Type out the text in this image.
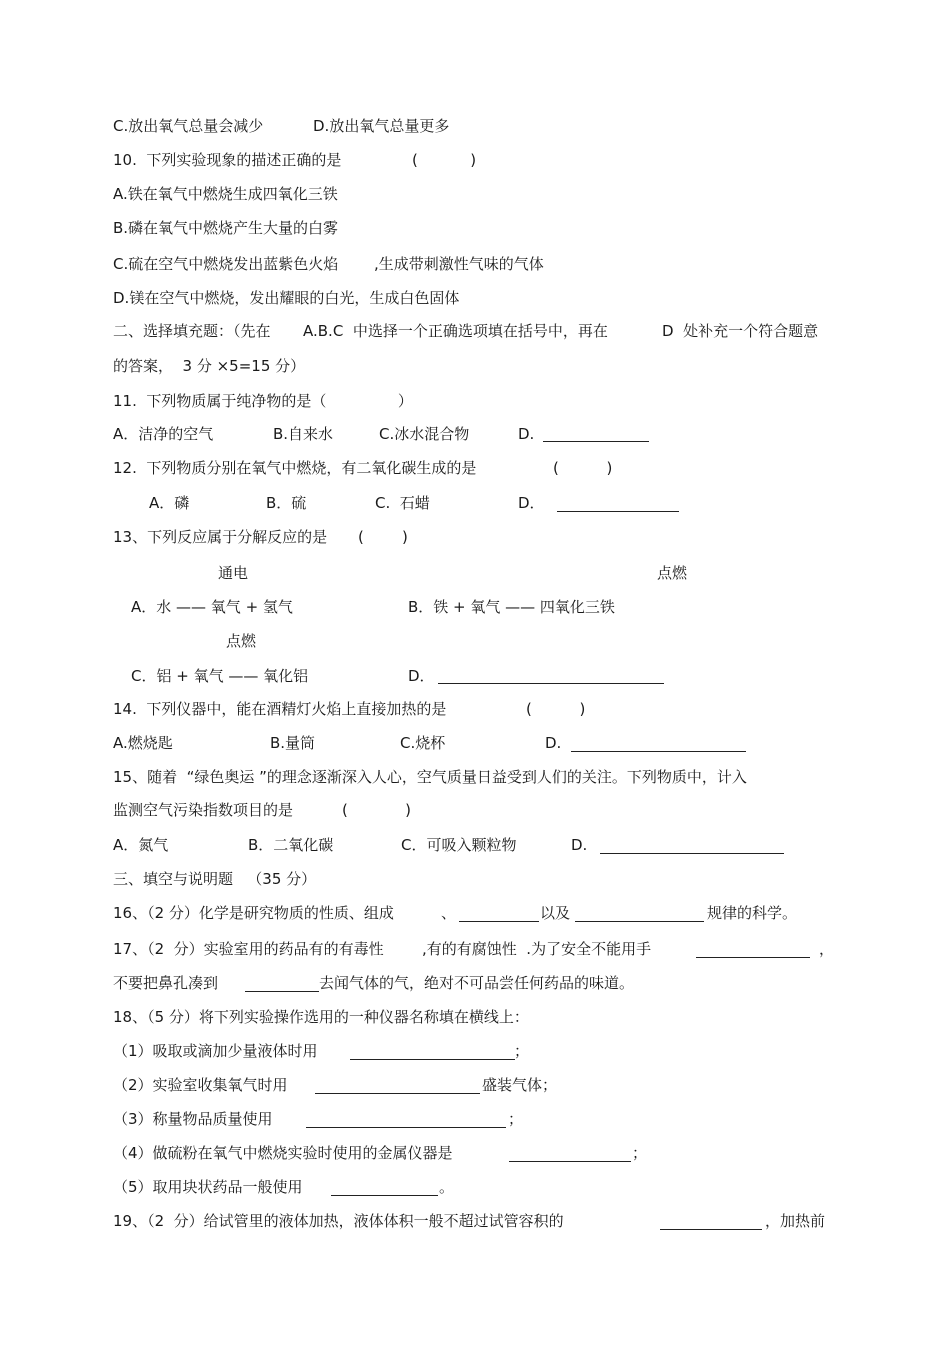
C.放出氧气总量会减少	D.放出氧气总量更多
10.  下列实验现象的描述正确的是	(           )
A.铁在氧气中燃烧生成四氧化三铁
B.磷在氧气中燃烧产生大量的白雾
C.硫在空气中燃烧发出蓝紫色火焰 ,生成带刺激性气味的气体
D.镁在空气中燃烧，发出耀眼的白光，生成白色固体
二、选择填充题：（先在 A.B.C  中选择一个正确选项填在括号中，再在	D  处补充一个符合题意
的答案，  3 分 ×5=15 分）
11.  下列物质属于纯净物的是（               ）
A．洁净的空气	B.自来水	C.冰水混合物	D.
12.  下列物质分别在氧气中燃烧，有二氧化碳生成的是	(          )
A．磷	B．硫	C.  石蜡	D．
13、下列反应属于分解反应的是 (        )
通电	点燃
A．水 —— 氧气 + 氢气	B．铁 + 氧气 —— 四氧化三铁
点燃
C．铝 + 氧气 —— 氧化铝	D．
14.  下列仪器中，能在酒精灯火焰上直接加热的是	(          )
A.燃烧匙	B.量筒	C.烧杯	D.
15、随着  “绿色奥运 ”的理念逐渐深入人心，空气质量日益受到人们的关注。下列物质中，计入
监测空气污染指数项目的是	(            )
A．氮气	B．二氧化碳	C．可吸入颗粒物	D.
三、填空与说明题   （35 分）
16、（2 分）化学是研究物质的性质、组成	、	以及	规律的科学。
17、（2  分）实验室用的药品有的有毒性	,有的有腐蚀性  .为了安全不能用手	，
不要把鼻孔凑到	去闻气体的气，绝对不可品尝任何药品的味道。
18、（5 分）将下列实验操作选用的一种仪器名称填在横线上：
（1）吸取或滴加少量液体时用	；
（2）实验室收集氧气时用	盛装气体；
（3）称量物品质量使用	；
（4）做硫粉在氧气中燃烧实验时使用的金属仪器是	；
（5）取用块状药品一般使用	。
19、（2  分）给试管里的液体加热，液体体积一般不超过试管容积的	，加热前
